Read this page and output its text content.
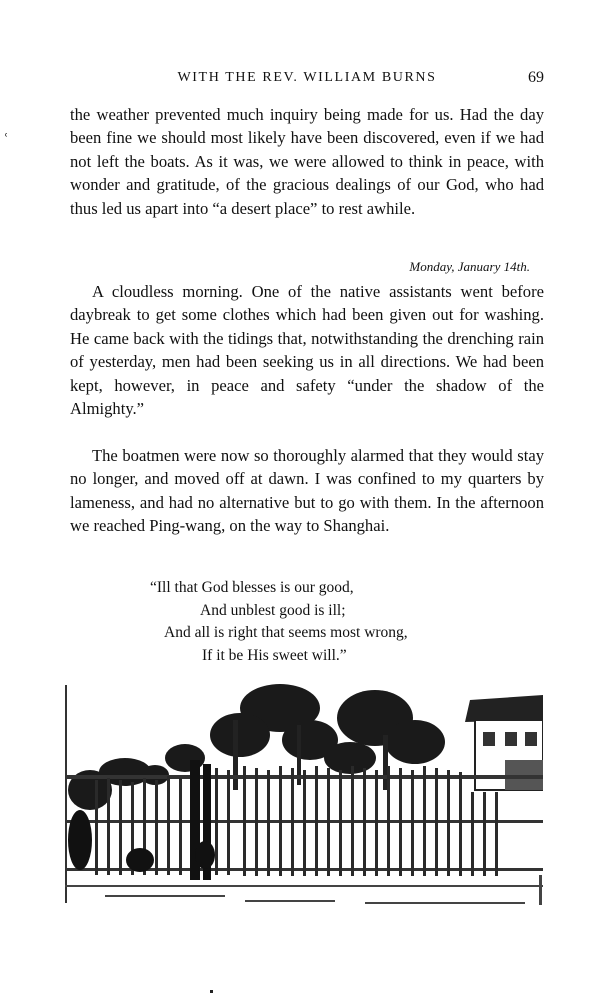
WITH THE REV. WILLIAM BURNS	69
ʿ

the weather prevented much inquiry being made for us. Had the day been fine we should most likely have been discovered, even if we had not left the boats. As it was, we were allowed to think in peace, with wonder and gratitude, of the gracious dealings of our God, who had thus led us apart into “a desert place” to rest awhile.

Monday, January 14th.

A cloudless morning. One of the native assistants went before daybreak to get some clothes which had been given out for washing. He came back with the tidings that, notwithstanding the drenching rain of yesterday, men had been seeking us in all directions. We had been kept, however, in peace and safety “under the shadow of the Almighty.”

The boatmen were now so thoroughly alarmed that they would stay no longer, and moved off at dawn. I was confined to my quarters by lameness, and had no alternative but to go with them. In the afternoon we reached Ping-wang, on the way to Shanghai.

“Ill that God blesses is our good,
And unblest good is ill;
And all is right that seems most wrong,
If it be His sweet will.”
